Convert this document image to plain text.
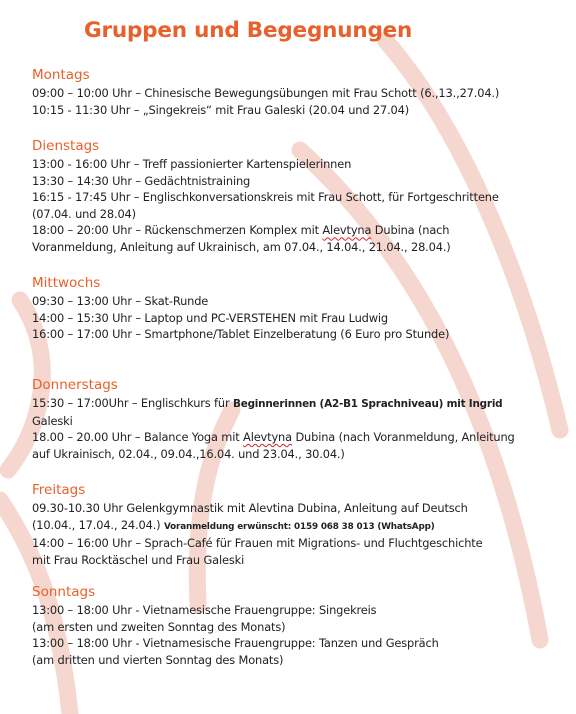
Gruppen und Begegnungen
Montags
09:00 – 10:00 Uhr – Chinesische Bewegungsübungen mit Frau Schott (6.,13.,27.04.)
10:15 - 11:30 Uhr – „Singekreis“ mit Frau Galeski (20.04 und 27.04)
Dienstags
13:00 - 16:00 Uhr – Treff passionierter Kartenspielerinnen
13:30 – 14:30 Uhr – Gedächtnistraining
16:15 - 17:45 Uhr – Englischkonversationskreis mit Frau Schott, für Fortgeschrittene
(07.04. und 28.04)
18:00 – 20:00 Uhr – Rückenschmerzen Komplex mit Alevtyna Dubina (nach
Voranmeldung, Anleitung auf Ukrainisch, am 07.04., 14.04., 21.04., 28.04.)
Mittwochs
09:30 – 13:00 Uhr – Skat-Runde
14:00 – 15:30 Uhr – Laptop und PC-VERSTEHEN mit Frau Ludwig
16:00 – 17:00 Uhr – Smartphone/Tablet Einzelberatung (6 Euro pro Stunde)
Donnerstags
15:30 – 17:00Uhr – Englischkurs für Beginnerinnen (A2-B1 Sprachniveau) mit Ingrid
Galeski
18.00 – 20.00 Uhr – Balance Yoga mit Alevtyna Dubina (nach Voranmeldung, Anleitung
auf Ukrainisch, 02.04., 09.04.,16.04. und 23.04., 30.04.)
Freitags
09.30-10.30 Uhr Gelenkgymnastik mit Alevtina Dubina, Anleitung auf Deutsch
(10.04., 17.04., 24.04.) Voranmeldung erwünscht: 0159 068 38 013 (WhatsApp)
14:00 – 16:00 Uhr – Sprach-Café für Frauen mit Migrations- und Fluchtgeschichte
mit Frau Rocktäschel und Frau Galeski
Sonntags
13:00 – 18:00 Uhr - Vietnamesische Frauengruppe: Singekreis
(am ersten und zweiten Sonntag des Monats)
13:00 – 18:00 Uhr - Vietnamesische Frauengruppe: Tanzen und Gespräch
(am dritten und vierten Sonntag des Monats)
